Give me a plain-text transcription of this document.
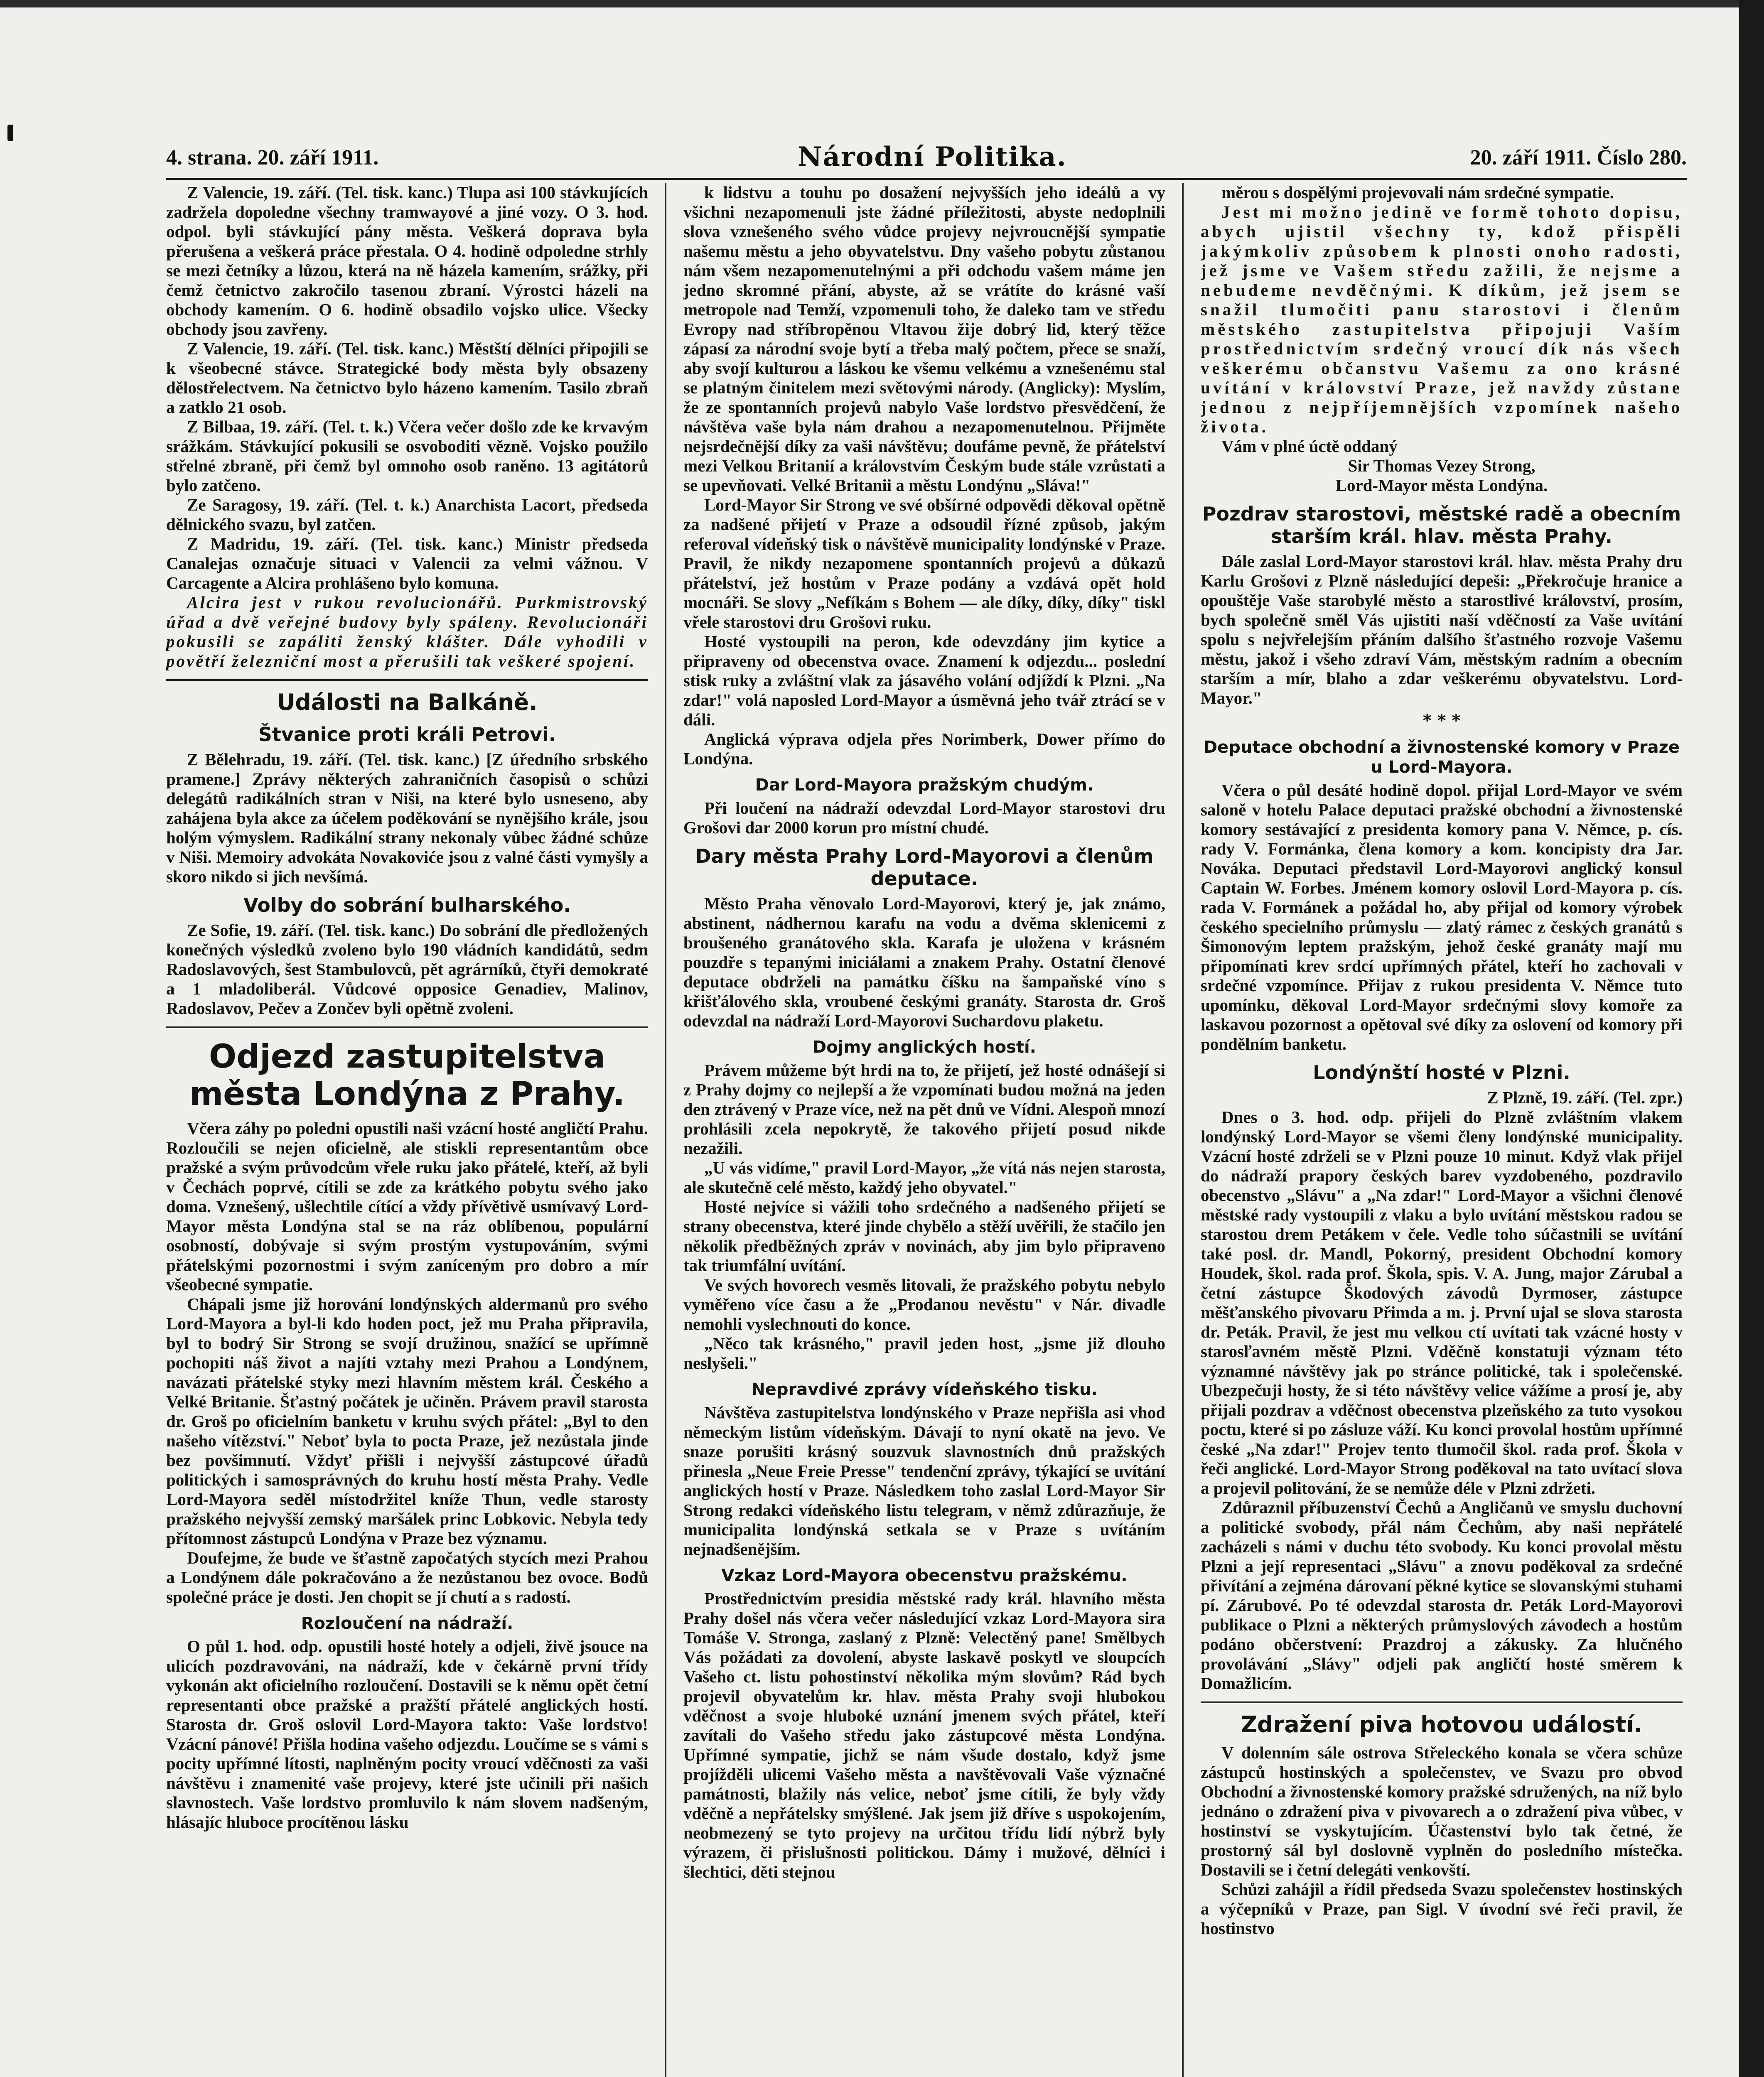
4. strana. 20. září 1911.	Národní Politika.	20. září 1911. Číslo 280.

Z Valencie, 19. září. (Tel. tisk. kanc.) Tlupa asi 100 stávkujících zadržela dopoledne všechny tramwayové a jiné vozy. O 3. hod. odpol. byli stávkující pány města. Veškerá doprava byla přerušena a veškerá práce přestala. O 4. hodině odpoledne strhly se mezi četníky a lůzou, která na ně házela kamením, srážky, při čemž četnictvo zakročilo tasenou zbraní. Výrostci házeli na obchody kamením. O 6. hodině obsadilo vojsko ulice. Všecky obchody jsou zavřeny.

Z Valencie, 19. září. (Tel. tisk. kanc.) Městští dělníci připojili se k všeobecné stávce. Strategické body města byly obsazeny dělostřelectvem. Na četnictvo bylo házeno kamením. Tasilo zbraň a zatklo 21 osob.

Z Bilbaa, 19. září. (Tel. t. k.) Včera večer došlo zde ke krvavým srážkám. Stávkující pokusili se osvoboditi vězně. Vojsko použilo střelné zbraně, při čemž byl omnoho osob raněno. 13 agitátorů bylo zatčeno.

Ze Saragosy, 19. září. (Tel. t. k.) Anarchista Lacort, předseda dělnického svazu, byl zatčen.

Z Madridu, 19. září. (Tel. tisk. kanc.) Ministr předseda Canalejas označuje situaci v Valencii za velmi vážnou. V Carcagente a Alcira prohlášeno bylo komuna.

Alcira jest v rukou revolucionářů. Purkmistrovský úřad a dvě veřejné budovy byly spáleny. Revolucionáři pokusili se zapáliti ženský klášter. Dále vyhodili v povětří železniční most a přerušili tak veškeré spojení.

Události na Balkáně.
Štvanice proti králi Petrovi.

Z Bělehradu, 19. září. (Tel. tisk. kanc.) [Z úředního srbského pramene.] Zprávy některých zahraničních časopisů o schůzi delegátů radikálních stran v Niši, na které bylo usneseno, aby zahájena byla akce za účelem poděkování se nynějšího krále, jsou holým výmyslem. Radikální strany nekonaly vůbec žádné schůze v Niši. Memoiry advokáta Novakoviće jsou z valné části vymyšly a skoro nikdo si jich nevšímá.

Volby do sobrání bulharského.

Ze Sofie, 19. září. (Tel. tisk. kanc.) Do sobrání dle předložených konečných výsledků zvoleno bylo 190 vládních kandidátů, sedm Radoslavových, šest Stambulovců, pět agrárníků, čtyři demokraté a 1 mladoliberál. Vůdcové opposice Genadiev, Malinov, Radoslavov, Pečev a Zončev byli opětně zvoleni.

Odjezd zastupitelstva města Londýna z Prahy.

Včera záhy po poledni opustili naši vzácní hosté angličtí Prahu. Rozloučili se nejen oficielně, ale stiskli representantům obce pražské a svým průvodcům vřele ruku jako přátelé, kteří, až byli v Čechách poprvé, cítili se zde za krátkého pobytu svého jako doma. Vznešený, ušlechtile cítící a vždy přívětivě usmívavý Lord-Mayor města Londýna stal se na ráz oblíbenou, populární osobností, dobývaje si svým prostým vystupováním, svými přátelskými pozornostmi i svým zaníceným pro dobro a mír všeobecné sympatie.

Chápali jsme již horování londýnských aldermanů pro svého Lord-Mayora a byl-li kdo hoden poct, jež mu Praha připravila, byl to bodrý Sir Strong se svojí družinou, snažící se upřímně pochopiti náš život a najíti vztahy mezi Prahou a Londýnem, navázati přátelské styky mezi hlavním městem král. Českého a Velké Britanie. Šťastný počátek je učiněn. Právem pravil starosta dr. Groš po oficielním banketu v kruhu svých přátel: „Byl to den našeho vítězství." Neboť byla to pocta Praze, jež nezůstala jinde bez povšimnutí. Vždyť přišli i nejvyšší zástupcové úřadů politických i samosprávných do kruhu hostí města Prahy. Vedle Lord-Mayora seděl místodržitel kníže Thun, vedle starosty pražského nejvyšší zemský maršálek princ Lobkovic. Nebyla tedy přítomnost zástupců Londýna v Praze bez významu.

Doufejme, že bude ve šťastně započatých stycích mezi Prahou a Londýnem dále pokračováno a že nezůstanou bez ovoce. Bodů společné práce je dosti. Jen chopit se jí chutí a s radostí.

Rozloučení na nádraží.

O půl 1. hod. odp. opustili hosté hotely a odjeli, živě jsouce na ulicích pozdravováni, na nádraží, kde v čekárně první třídy vykonán akt oficielního rozloučení. Dostavili se k němu opět četní representanti obce pražské a pražští přátelé anglických hostí. Starosta dr. Groš oslovil Lord-Mayora takto: Vaše lordstvo! Vzácní pánové! Přišla hodina vašeho odjezdu. Loučíme se s vámi s pocity upřímné lítosti, naplněným pocity vroucí vděčnosti za vaši návštěvu i znamenité vaše projevy, které jste učinili při našich slavnostech. Vaše lordstvo promluvilo k nám slovem nadšeným, hlásajíc hluboce procítěnou lásku

k lidstvu a touhu po dosažení nejvyšších jeho ideálů a vy všichni nezapomenuli jste žádné příležitosti, abyste nedoplnili slova vznešeného svého vůdce projevy nejvroucnější sympatie našemu městu a jeho obyvatelstvu. Dny vašeho pobytu zůstanou nám všem nezapomenutelnými a při odchodu vašem máme jen jedno skromné přání, abyste, až se vrátíte do krásné vaší metropole nad Temží, vzpomenuli toho, že daleko tam ve středu Evropy nad stříbropěnou Vltavou žije dobrý lid, který těžce zápasí za národní svoje bytí a třeba malý počtem, přece se snaží, aby svojí kulturou a láskou ke všemu velkému a vznešenému stal se platným činitelem mezi světovými národy. (Anglicky): Myslím, že ze spontanních projevů nabylo Vaše lordstvo přesvědčení, že návštěva vaše byla nám drahou a nezapomenutelnou. Přijměte nejsrdečnější díky za vaši návštěvu; doufáme pevně, že přátelství mezi Velkou Britanií a královstvím Českým bude stále vzrůstati a se upevňovati. Velké Britanii a městu Londýnu „Sláva!"

Lord-Mayor Sir Strong ve své obšírné odpovědi děkoval opětně za nadšené přijetí v Praze a odsoudil řízné způsob, jakým referoval vídeňský tisk o návštěvě municipality londýnské v Praze. Pravil, že nikdy nezapomene spontanních projevů a důkazů přátelství, jež hostům v Praze podány a vzdává opět hold mocnáři. Se slovy „Nefíkám s Bohem — ale díky, díky, díky" tiskl vřele starostovi dru Grošovi ruku.

Hosté vystoupili na peron, kde odevzdány jim kytice a připraveny od obecenstva ovace. Znamení k odjezdu... poslední stisk ruky a zvláštní vlak za jásavého volání odjíždí k Plzni. „Na zdar!" volá naposled Lord-Mayor a úsměvná jeho tvář ztrácí se v dáli.

Anglická výprava odjela přes Norimberk, Dower přímo do Londýna.

Dar Lord-Mayora pražským chudým.

Při loučení na nádraží odevzdal Lord-Mayor starostovi dru Grošovi dar 2000 korun pro místní chudé.

Dary města Prahy Lord-Mayorovi a členům deputace.

Město Praha věnovalo Lord-Mayorovi, který je, jak známo, abstinent, nádhernou karafu na vodu a dvěma sklenicemi z broušeného granátového skla. Karafa je uložena v krásném pouzdře s tepanými iniciálami a znakem Prahy. Ostatní členové deputace obdrželi na památku číšku na šampaňské víno s křišťálového skla, vroubené českými granáty. Starosta dr. Groš odevzdal na nádraží Lord-Mayorovi Suchardovu plaketu.

Dojmy anglických hostí.

Právem můžeme být hrdi na to, že přijetí, jež hosté odnášejí si z Prahy dojmy co nejlepší a že vzpomínati budou možná na jeden den ztrávený v Praze více, než na pět dnů ve Vídni. Alespoň mnozí prohlásili zcela nepokrytě, že takového přijetí posud nikde nezažili.

„U vás vidíme," pravil Lord-Mayor, „že vítá nás nejen starosta, ale skutečně celé město, každý jeho obyvatel."

Hosté nejvíce si vážili toho srdečného a nadšeného přijetí se strany obecenstva, které jinde chybělo a stěží uvěřili, že stačilo jen několik předběžných zpráv v novinách, aby jim bylo připraveno tak triumfální uvítání.

Ve svých hovorech vesměs litovali, že pražského pobytu nebylo vyměřeno více času a že „Prodanou nevěstu" v Nár. divadle nemohli vyslechnouti do konce.

„Něco tak krásného," pravil jeden host, „jsme již dlouho neslyšeli."

Nepravdivé zprávy vídeňského tisku.

Návštěva zastupitelstva londýnského v Praze nepřišla asi vhod německým listům vídeňským. Dávají to nyní okatě na jevo. Ve snaze porušiti krásný souzvuk slavnostních dnů pražských přinesla „Neue Freie Presse" tendenční zprávy, týkající se uvítání anglických hostí v Praze. Následkem toho zaslal Lord-Mayor Sir Strong redakci vídeňského listu telegram, v němž zdůrazňuje, že municipalita londýnská setkala se v Praze s uvítáním nejnadšenějším.

Vzkaz Lord-Mayora obecenstvu pražskému.

Prostřednictvím presidia městské rady král. hlavního města Prahy došel nás včera večer následující vzkaz Lord-Mayora sira Tomáše V. Stronga, zaslaný z Plzně: Velectěný pane! Smělbych Vás požádati za dovolení, abyste laskavě poskytl ve sloupcích Vašeho ct. listu pohostinství několika mým slovům? Rád bych projevil obyvatelům kr. hlav. města Prahy svoji hlubokou vděčnost a svoje hluboké uznání jmenem svých přátel, kteří zavítali do Vašeho středu jako zástupcové města Londýna. Upřímné sympatie, jichž se nám všude dostalo, když jsme projížděli ulicemi Vašeho města a navštěvovali Vaše význačné památnosti, blažily nás velice, neboť jsme cítili, že byly vždy vděčně a nepřátelsky smýšlené. Jak jsem již dříve s uspokojením, neobmezený se tyto projevy na určitou třídu lidí nýbrž byly výrazem, či přislušnosti politickou. Dámy i mužové, dělníci i šlechtici, děti stejnou

měrou s dospělými projevovali nám srdečné sympatie.

Jest mi možno jedině ve formě tohoto dopisu, abych ujistil všechny ty, kdož přispěli jakýmkoliv způsobem k plnosti onoho radosti, jež jsme ve Vašem středu zažili, že nejsme a nebudeme nevděčnými. K díkům, jež jsem se snažil tlumočiti panu starostovi i členům městského zastupitelstva připojuji Vaším prostřednictvím srdečný vroucí dík nás všech veškerému občanstvu Vašemu za ono krásné uvítání v království Praze, jež navždy zůstane jednou z nejpříjemnějších vzpomínek našeho života.

Vám v plné úctě oddaný

Sir Thomas Vezey Strong,

Lord-Mayor města Londýna.

Pozdrav starostovi, městské radě a obecním starším král. hlav. města Prahy.

Dále zaslal Lord-Mayor starostovi král. hlav. města Prahy dru Karlu Grošovi z Plzně následující depeši: „Překročuje hranice a opouštěje Vaše starobylé město a starostlivé království, prosím, bych společně směl Vás ujistiti naší vděčností za Vaše uvítání spolu s nejvřelejším přáním dalšího šťastného rozvoje Vašemu městu, jakož i všeho zdraví Vám, městským radním a obecním starším a mír, blaho a zdar veškerému obyvatelstvu. Lord-Mayor."

* * *
Deputace obchodní a živnostenské komory v Praze u Lord-Mayora.

Včera o půl desáté hodině dopol. přijal Lord-Mayor ve svém saloně v hotelu Palace deputaci pražské obchodní a živnostenské komory sestávající z presidenta komory pana V. Němce, p. cís. rady V. Formánka, člena komory a kom. koncipisty dra Jar. Nováka. Deputaci představil Lord-Mayorovi anglický konsul Captain W. Forbes. Jménem komory oslovil Lord-Mayora p. cís. rada V. Formánek a požádal ho, aby přijal od komory výrobek českého specielního průmyslu — zlatý rámec z českých granátů s Šimonovým leptem pražským, jehož české granáty mají mu připomínati krev srdcí upřímných přátel, kteří ho zachovali v srdečné vzpomínce. Přijav z rukou presidenta V. Němce tuto upomínku, děkoval Lord-Mayor srdečnými slovy komoře za laskavou pozornost a opětoval své díky za oslovení od komory při pondělním banketu.

Londýnští hosté v Plzni.

Z Plzně, 19. září. (Tel. zpr.)

Dnes o 3. hod. odp. přijeli do Plzně zvláštním vlakem londýnský Lord-Mayor se všemi členy londýnské municipality. Vzácní hosté zdrželi se v Plzni pouze 10 minut. Když vlak přijel do nádraží prapory českých barev vyzdobeného, pozdravilo obecenstvo „Slávu" a „Na zdar!" Lord-Mayor a všichni členové městské rady vystoupili z vlaku a bylo uvítání městskou radou se starostou drem Petákem v čele. Vedle toho súčastnili se uvítání také posl. dr. Mandl, Pokorný, president Obchodní komory Houdek, škol. rada prof. Škola, spis. V. A. Jung, major Zárubal a četní zástupce Škodových závodů Dyrmoser, zástupce měšťanského pivovaru Přimda a m. j. První ujal se slova starosta dr. Peták. Pravil, že jest mu velkou ctí uvítati tak vzácné hosty v starosľavném městě Plzni. Vděčně konstatuji význam této významné návštěvy jak po stránce politické, tak i společenské. Ubezpečuji hosty, že si této návštěvy velice vážíme a prosí je, aby přijali pozdrav a vděčnost obecenstva plzeňského za tuto vysokou poctu, které si po zásluze váží. Ku konci provolal hostům upřímné české „Na zdar!" Projev tento tlumočil škol. rada prof. Škola v řeči anglické. Lord-Mayor Strong poděkoval na tato uvítací slova a projevil politování, že se nemůže déle v Plzni zdržeti.

Zdůraznil příbuzenství Čechů a Angličanů ve smyslu duchovní a politické svobody, přál nám Čechům, aby naši nepřátelé zacházeli s námi v duchu této svobody. Ku konci provolal městu Plzni a její representaci „Slávu" a znovu poděkoval za srdečné přivítání a zejména dárovaní pěkné kytice se slovanskými stuhami pí. Zárubové. Po té odevzdal starosta dr. Peták Lord-Mayorovi publikace o Plzni a některých průmyslových závodech a hostům podáno občerstvení: Prazdroj a zákusky. Za hlučného provolávání „Slávy" odjeli pak angličtí hosté směrem k Domažlicím.

Zdražení piva hotovou událostí.

V dolenním sále ostrova Střeleckého konala se včera schůze zástupců hostinských a společenstev, ve Svazu pro obvod Obchodní a živnostenské komory pražské sdružených, na níž bylo jednáno o zdražení piva v pivovarech a o zdražení piva vůbec, v hostinství se vyskytujícím. Účastenství bylo tak četné, že prostorný sál byl doslovně vyplněn do posledního místečka. Dostavili se i četní delegáti venkovští.

Schůzi zahájil a řídil předseda Svazu společenstev hostinských a výčepníků v Praze, pan Sigl. V úvodní své řeči pravil, že hostinstvo
